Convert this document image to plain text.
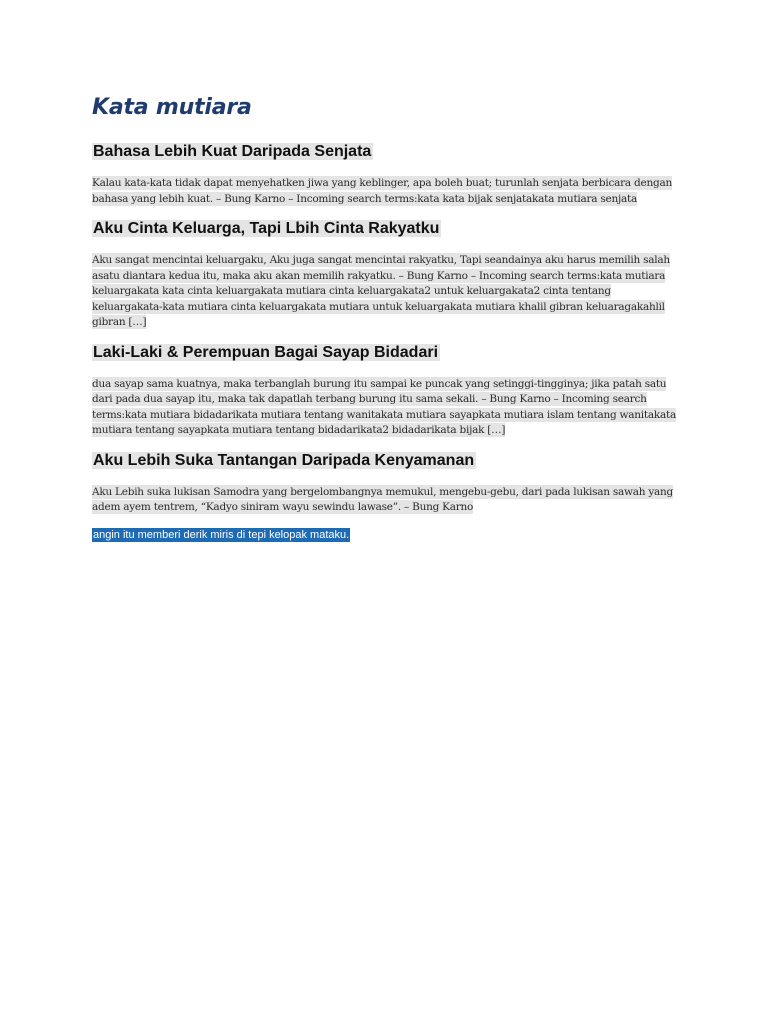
Kata mutiara
Bahasa Lebih Kuat Daripada Senjata

Kalau kata-kata tidak dapat menyehatken jiwa yang keblinger, apa boleh buat; turunlah senjata berbicara dengan bahasa yang lebih kuat. – Bung Karno – Incoming search terms:kata kata bijak senjatakata mutiara senjata

Aku Cinta Keluarga, Tapi Lbih Cinta Rakyatku

Aku sangat mencintai keluargaku, Aku juga sangat mencintai rakyatku, Tapi seandainya aku harus memilih salah asatu diantara kedua itu, maka aku akan memilih rakyatku. – Bung Karno – Incoming search terms:kata mutiara keluargakata kata cinta keluargakata mutiara cinta keluargakata2 untuk keluargakata2 cinta tentang keluargakata-kata mutiara cinta keluargakata mutiara untuk keluargakata mutiara khalil gibran keluaragakahlil gibran […]

Laki-Laki & Perempuan Bagai Sayap Bidadari

dua sayap sama kuatnya, maka terbanglah burung itu sampai ke puncak yang setinggi-tingginya; jika patah satu dari pada dua sayap itu, maka tak dapatlah terbang burung itu sama sekali. – Bung Karno – Incoming search terms:kata mutiara bidadarikata mutiara tentang wanitakata mutiara sayapkata mutiara islam tentang wanitakata mutiara tentang sayapkata mutiara tentang bidadarikata2 bidadarikata bijak […]

Aku Lebih Suka Tantangan Daripada Kenyamanan

Aku Lebih suka lukisan Samodra yang bergelombangnya memukul, mengebu-gebu, dari pada lukisan sawah yang adem ayem tentrem, “Kadyo siniram wayu sewindu lawase”. – Bung Karno

angin itu memberi derik miris di tepi kelopak mataku.
